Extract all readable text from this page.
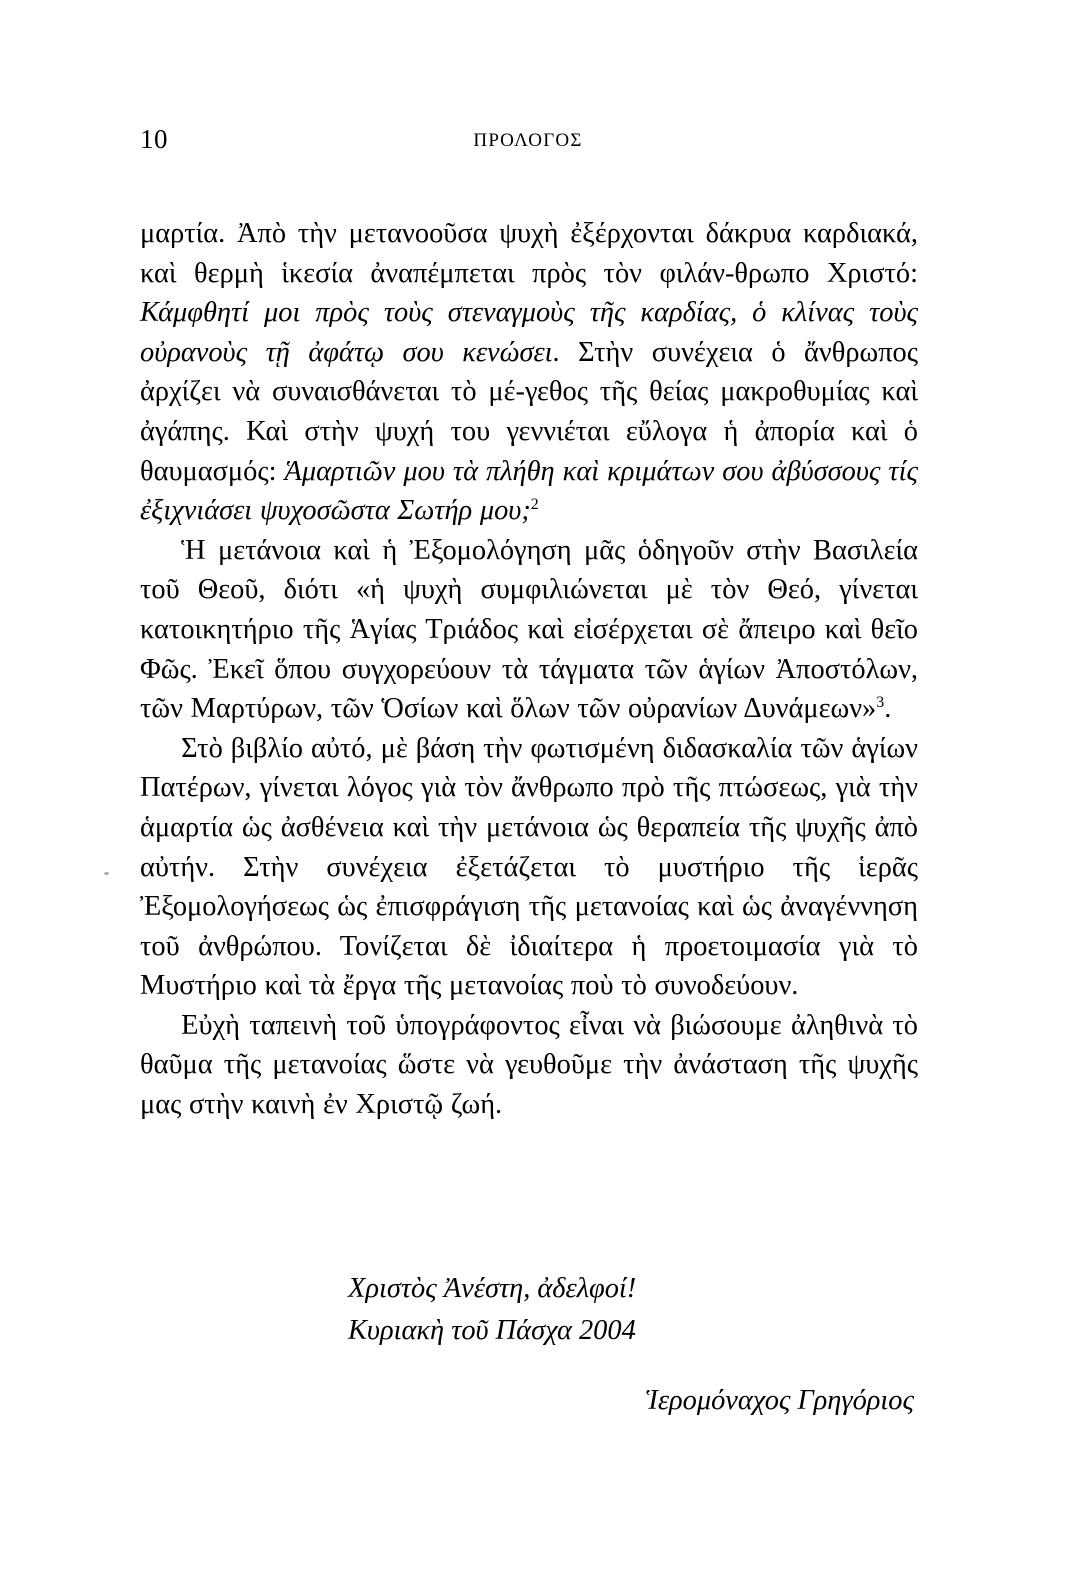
10	ΠΡΟΛΟΓΟΣ

μαρτία. Ἀπὸ τὴν μετανοοῦσα ψυχὴ ἐξέρχονται δάκρυα καρδιακά, καὶ θερμὴ ἱκεσία ἀναπέμπεται πρὸς τὸν φιλάν-θρωπο Χριστό: Κάμφθητί μοι πρὸς τοὺς στεναγμοὺς τῆς καρδίας, ὁ κλίνας τοὺς οὐρανοὺς τῇ ἀφάτῳ σου κενώσει. Στὴν συνέχεια ὁ ἄνθρωπος ἀρχίζει νὰ συναισθάνεται τὸ μέ-γεθος τῆς θείας μακροθυμίας καὶ ἀγάπης. Καὶ στὴν ψυχή του γεννιέται εὔλογα ἡ ἀπορία καὶ ὁ θαυμασμός: Ἁμαρτιῶν μου τὰ πλήθη καὶ κριμάτων σου ἀβύσσους τίς ἐξιχνιάσει ψυχοσῶστα Σωτήρ μου;$^2$

Ἡ μετάνοια καὶ ἡ Ἐξομολόγηση μᾶς ὁδηγοῦν στὴν Βασιλεία τοῦ Θεοῦ, διότι «ἡ ψυχὴ συμφιλιώνεται μὲ τὸν Θεό, γίνεται κατοικητήριο τῆς Ἁγίας Τριάδος καὶ εἰσέρχεται σὲ ἄπειρο καὶ θεῖο Φῶς. Ἐκεῖ ὅπου συγχορεύουν τὰ τάγματα τῶν ἁγίων Ἀποστόλων, τῶν Μαρτύρων, τῶν Ὁσίων καὶ ὅλων τῶν οὐρανίων Δυνάμεων»$^3$.

Στὸ βιβλίο αὐτό, μὲ βάση τὴν φωτισμένη διδασκαλία τῶν ἁγίων Πατέρων, γίνεται λόγος γιὰ τὸν ἄνθρωπο πρὸ τῆς πτώσεως, γιὰ τὴν ἁμαρτία ὡς ἀσθένεια καὶ τὴν μετάνοια ὡς θεραπεία τῆς ψυχῆς ἀπὸ αὐτήν. Στὴν συνέχεια ἐξετάζεται τὸ μυστήριο τῆς ἱερᾶς Ἐξομολογήσεως ὡς ἐπισφράγιση τῆς μετανοίας καὶ ὡς ἀναγέννηση τοῦ ἀνθρώπου. Τονίζεται δὲ ἰδιαίτερα ἡ προετοιμασία γιὰ τὸ Μυστήριο καὶ τὰ ἔργα τῆς μετανοίας ποὺ τὸ συνοδεύουν.

Εὐχὴ ταπεινὴ τοῦ ὑπογράφοντος εἶναι νὰ βιώσουμε ἀληθινὰ τὸ θαῦμα τῆς μετανοίας ὥστε νὰ γευθοῦμε τὴν ἀνάσταση τῆς ψυχῆς μας στὴν καινὴ ἐν Χριστῷ ζωή.

Χριστὸς Ἀνέστη, ἀδελφοί!
Κυριακὴ τοῦ Πάσχα 2004
Ἱερομόναχος Γρηγόριος
